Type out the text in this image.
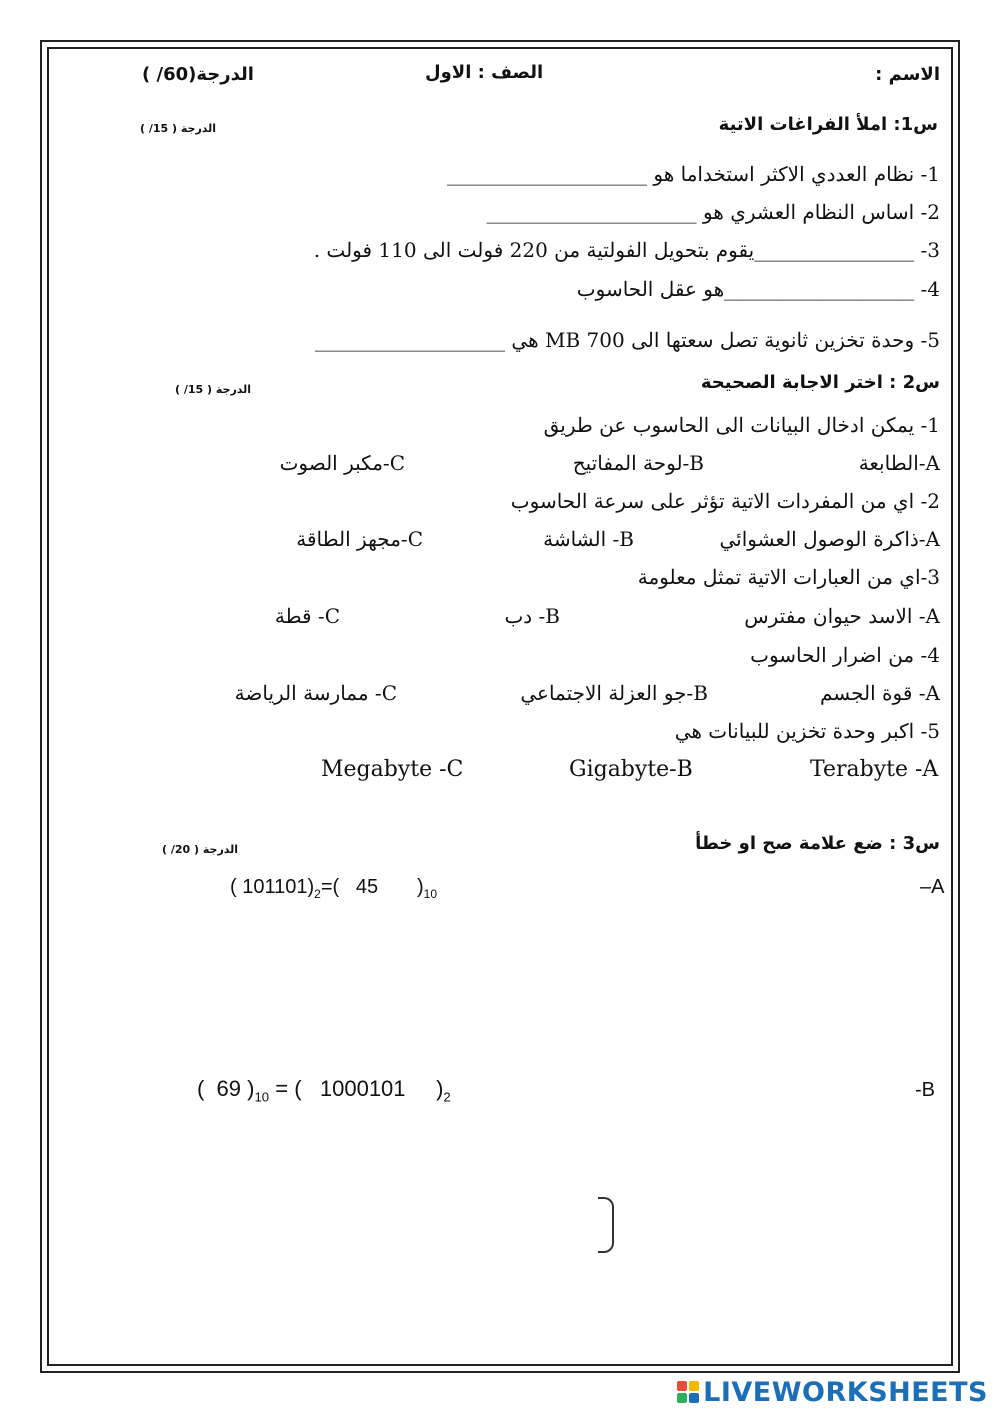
الاسم :
الصف : الاول
الدرجة(60/ )
س1: املأ الفراغات الاتية
الدرجة ( 15/ )
1- نظام العددي الاكثر استخداما هو ____________________
2- اساس النظام العشري هو _____________________
3- ________________يقوم بتحويل الفولتية من 220 فولت الى 110 فولت .
4- ___________________هو عقل الحاسوب
5- وحدة تخزين ثانوية تصل سعتها الى 700 MB هي ___________________
س2 : اختر الاجابة الصحيحة
الدرجة ( 15/ )
1- يمكن ادخال البيانات الى الحاسوب عن طريق
A-الطابعة
B-لوحة المفاتيح
C-مكبر الصوت
2- اي من المفردات الاتية تؤثر على سرعة الحاسوب
A-ذاكرة الوصول العشوائي
B- الشاشة
C-مجهز الطاقة
3-اي من العبارات الاتية تمثل معلومة
A- الاسد حيوان مفترس
B- دب
C- قطة
4- من اضرار الحاسوب
A- قوة الجسم
B-جو العزلة الاجتماعي
C- ممارسة الرياضة
5- اكبر وحدة تخزين للبيانات هي
Terabyte -A
Gigabyte-B
Megabyte -C
س3 : ضع علامة صح او خطأ
الدرجة ( 20/ )
–A
( $101101)_2=$(   45       )$_{10}$
-B
(  69 )$_{10}$ = (   1000101     )$_2$
LIVEWORKSHEETS
